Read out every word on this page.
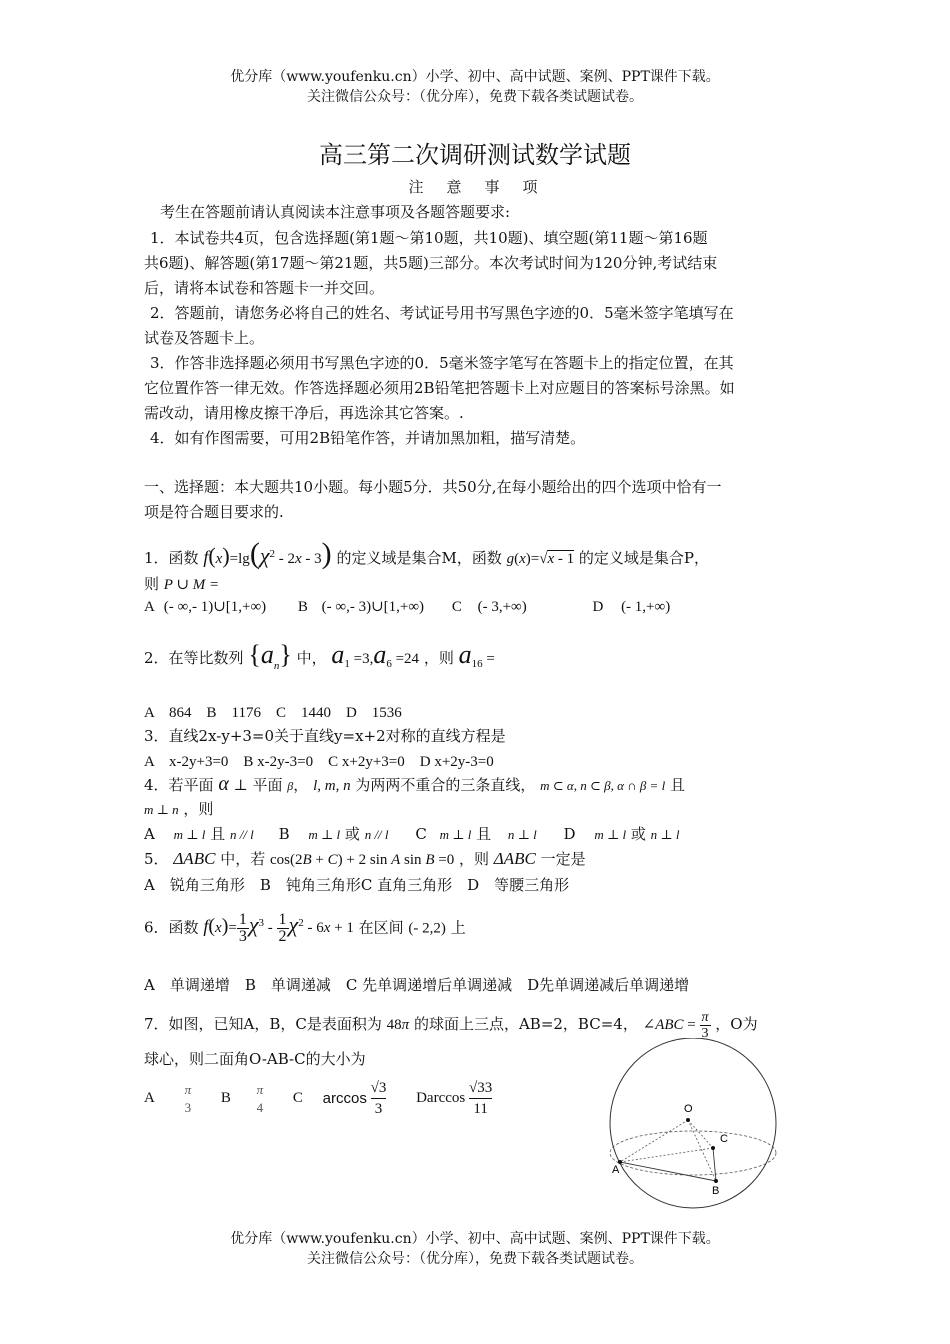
优分库（www.youfenku.cn）小学、初中、高中试题、案例、PPT课件下载。
关注微信公众号：（优分库），免费下载各类试题试卷。
高三第二次调研测试数学试题
注　意　事　项
考生在答题前请认真阅读本注意事项及各题答题要求:
1．本试卷共4页，包含选择题(第1题～第10题，共10题)、填空题(第11题～第16题
共6题)、解答题(第17题～第21题，共5题)三部分。本次考试时间为120分钟,考试结束
后，请将本试卷和答题卡一并交回。
2．答题前，请您务必将自己的姓名、考试证号用书写黑色字迹的0．5毫米签字笔填写在
试卷及答题卡上。
3．作答非选择题必须用书写黑色字迹的0．5毫米签字笔写在答题卡上的指定位置，在其
它位置作答一律无效。作答选择题必须用2B铅笔把答题卡上对应题目的答案标号涂黑。如
需改动，请用橡皮擦干净后，再选涂其它答案。.
4．如有作图需要，可用2B铅笔作答，并请加黑加粗，描写清楚。
一、选择题：本大题共10小题。每小题5分．共50分,在每小题给出的四个选项中恰有一
项是符合题目要求的.
1．函数 $f(x)=\lg(\chi^2 - 2x - 3)$ 的定义域是集合M，函数 g(x)=√x - 1 的定义域是集合P，
则 P ∪ M =
A (- ∞,- 1)∪[1,+∞) B (- ∞,- 3)∪[1,+∞) C (- 3,+∞)	D (- 1,+∞)
2．在等比数列 $\{a_n\}$ 中， $a_1 =3,a_6 =24$ ，则 $a_{16}$ =
A　864　B　1176　C　1440　D　1536
3．直线2x-y+3=0关于直线y=x+2对称的直线方程是
A　x-2y+3=0　B x-2y-3=0　C x+2y+3=0　D x+2y-3=0
4．若平面 α ⊥ 平面 β， l, m, n 为两两不重合的三条直线， m ⊂ α, n ⊂ β, α ∩ β = l 且
m ⊥ n ，则
A m ⊥ l 且 n // l B m ⊥ l 或 n // l C m ⊥ l 且 n ⊥ l D m ⊥ l 或 n ⊥ l
5． ΔABC 中，若 cos(2B + C) + 2 sin A sin B =0 ，则 ΔABC 一定是
A　锐角三角形　B　钝角三角形C 直角三角形　D　等腰三角形
6．函数 $f(x)= \frac{1}{3} \chi^3 - \frac{1}{2} \chi^2 - 6x + 1$ 在区间 (- 2,2) 上
A　单调递增　B　单调递减　C 先单调递增后单调递减　D先单调递减后单调递增
7．如图，已知A，B，C是表面积为 48π 的球面上三点，AB=2，BC=4， ∠ABC = $\frac{\pi}{3}$ ，O为
球心，则二面角O-AB-C的大小为
A
π
3
B
π
4
C $\arccos \frac{√3}{3}$ Darccos $\frac{√33}{11}$	O
C
A
B
优分库（www.youfenku.cn）小学、初中、高中试题、案例、PPT课件下载。
关注微信公众号：（优分库），免费下载各类试题试卷。
